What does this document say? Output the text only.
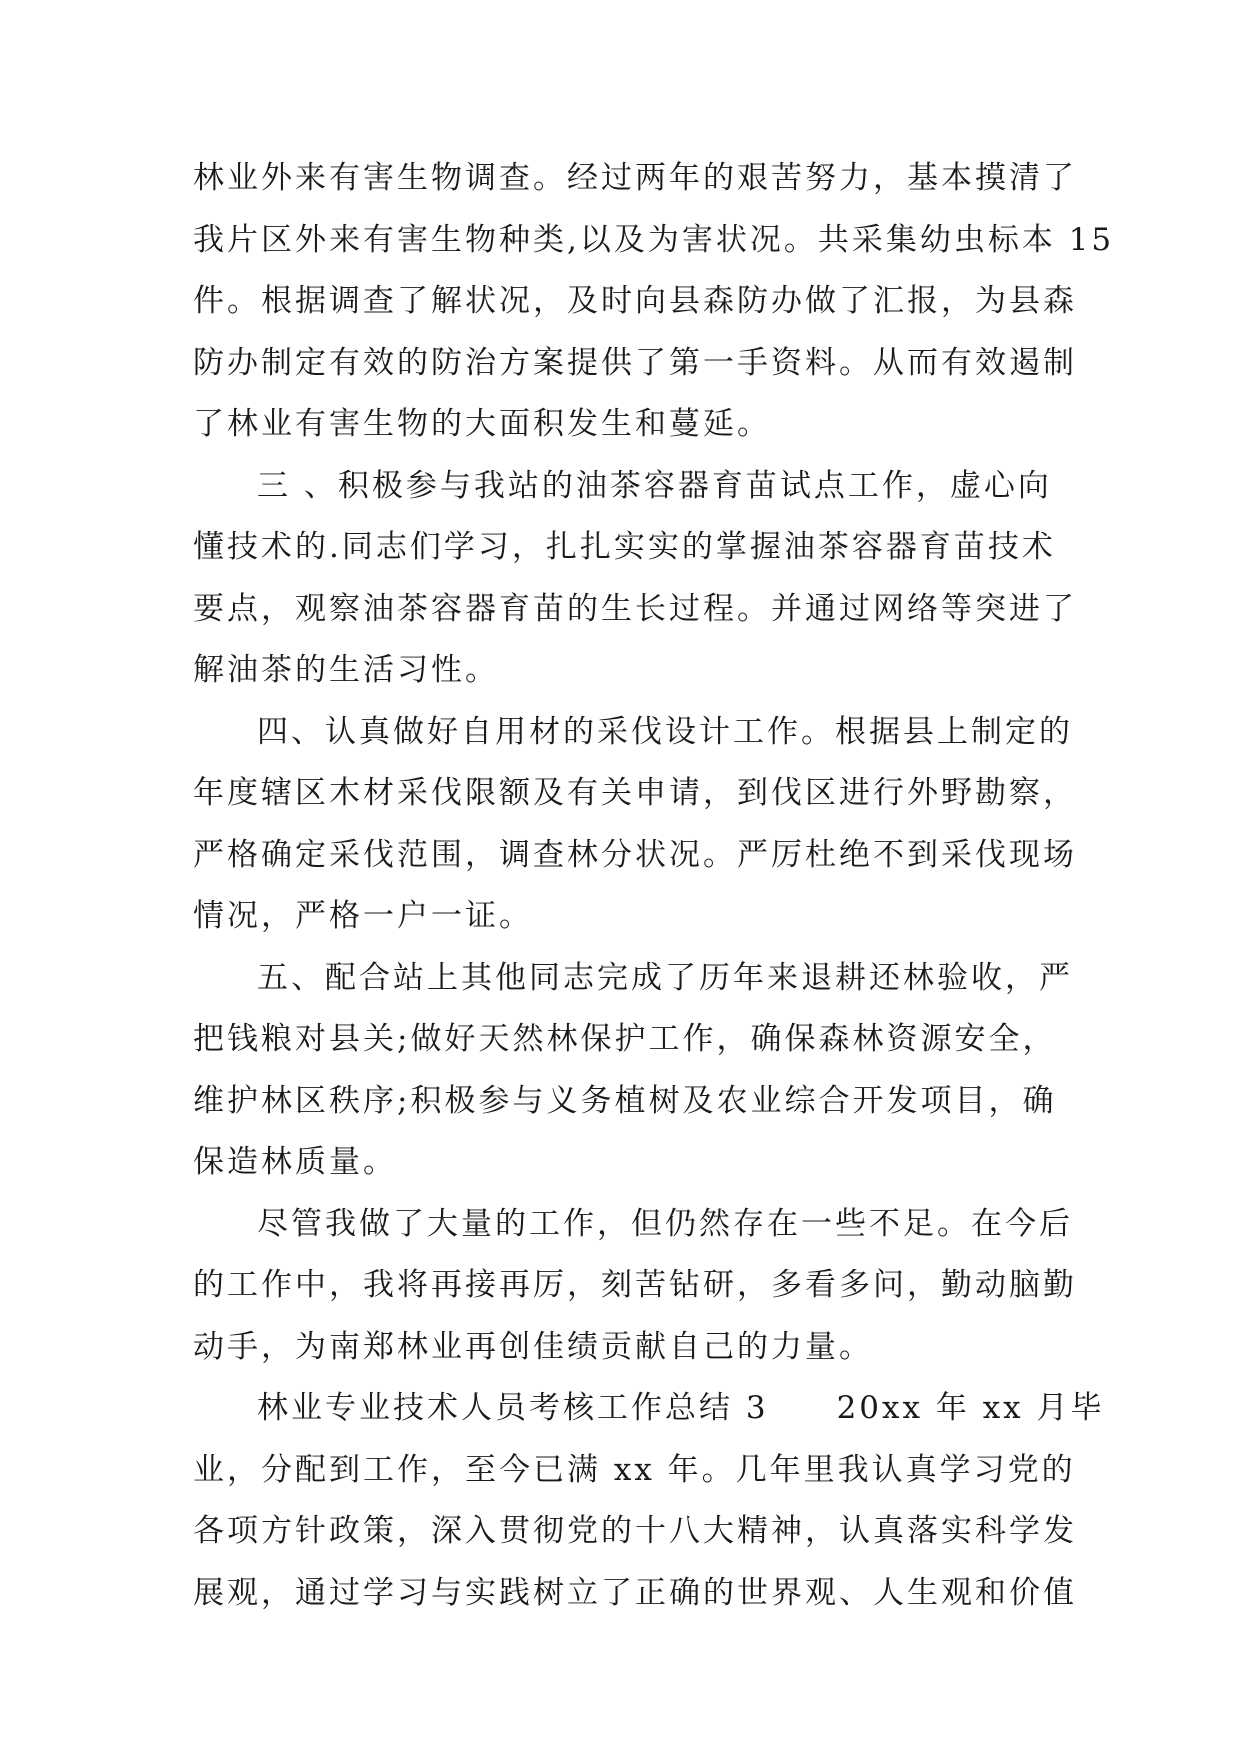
林业外来有害生物调查。经过两年的艰苦努力，基本摸清了
我片区外来有害生物种类,以及为害状况。共采集幼虫标本 15
件。根据调查了解状况，及时向县森防办做了汇报，为县森
防办制定有效的防治方案提供了第一手资料。从而有效遏制
了林业有害生物的大面积发生和蔓延。
三 、积极参与我站的油茶容器育苗试点工作，虚心向
懂技术的.同志们学习，扎扎实实的掌握油茶容器育苗技术
要点，观察油茶容器育苗的生长过程。并通过网络等突进了
解油茶的生活习性。
四、认真做好自用材的采伐设计工作。根据县上制定的
年度辖区木材采伐限额及有关申请，到伐区进行外野勘察，
严格确定采伐范围，调查林分状况。严厉杜绝不到采伐现场
情况，严格一户一证。
五、配合站上其他同志完成了历年来退耕还林验收，严
把钱粮对县关;做好天然林保护工作，确保森林资源安全，
维护林区秩序;积极参与义务植树及农业综合开发项目，确
保造林质量。
尽管我做了大量的工作，但仍然存在一些不足。在今后
的工作中，我将再接再厉，刻苦钻研，多看多问，勤动脑勤
动手，为南郑林业再创佳绩贡献自己的力量。
林业专业技术人员考核工作总结 3　　20xx 年 xx 月毕
业，分配到工作，至今已满 xx 年。几年里我认真学习党的
各项方针政策，深入贯彻党的十八大精神，认真落实科学发
展观，通过学习与实践树立了正确的世界观、人生观和价值
